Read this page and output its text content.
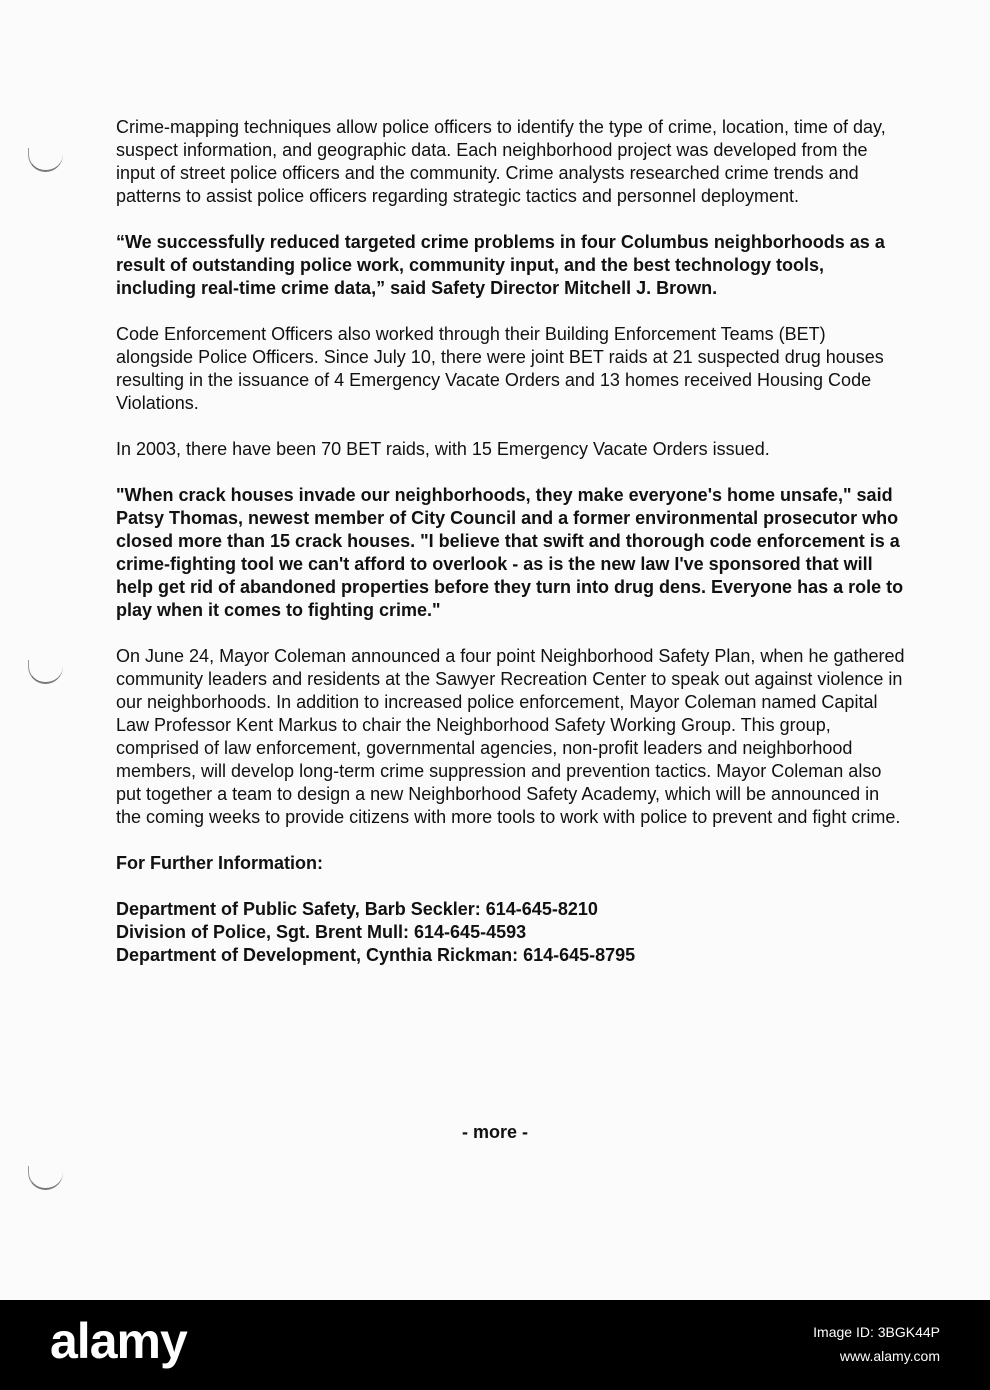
Crime-mapping techniques allow police officers to identify the type of crime, location, time of day, suspect information, and geographic data. Each neighborhood project was developed from the input of street police officers and the community. Crime analysts researched crime trends and patterns to assist police officers regarding strategic tactics and personnel deployment.

“We successfully reduced targeted crime problems in four Columbus neighborhoods as a result of outstanding police work, community input, and the best technology tools, including real-time crime data,” said Safety Director Mitchell J. Brown.

Code Enforcement Officers also worked through their Building Enforcement Teams (BET) alongside Police Officers. Since July 10, there were joint BET raids at 21 suspected drug houses resulting in the issuance of 4 Emergency Vacate Orders and 13 homes received Housing Code Violations.

In 2003, there have been 70 BET raids, with 15 Emergency Vacate Orders issued.

"When crack houses invade our neighborhoods, they make everyone's home unsafe," said Patsy Thomas, newest member of City Council and a former environmental prosecutor who closed more than 15 crack houses. "I believe that swift and thorough code enforcement is a crime-fighting tool we can't afford to overlook - as is the new law I've sponsored that will help get rid of abandoned properties before they turn into drug dens. Everyone has a role to play when it comes to fighting crime."

On June 24, Mayor Coleman announced a four point Neighborhood Safety Plan, when he gathered community leaders and residents at the Sawyer Recreation Center to speak out against violence in our neighborhoods. In addition to increased police enforcement, Mayor Coleman named Capital Law Professor Kent Markus to chair the Neighborhood Safety Working Group. This group, comprised of law enforcement, governmental agencies, non-profit leaders and neighborhood members, will develop long-term crime suppression and prevention tactics. Mayor Coleman also put together a team to design a new Neighborhood Safety Academy, which will be announced in the coming weeks to provide citizens with more tools to work with police to prevent and fight crime.

For Further Information:

Department of Public Safety, Barb Seckler: 614-645-8210

Division of Police, Sgt. Brent Mull: 614-645-4593

Department of Development, Cynthia Rickman: 614-645-8795

- more -
alamy	Image ID: 3BGK44P
www.alamy.com
